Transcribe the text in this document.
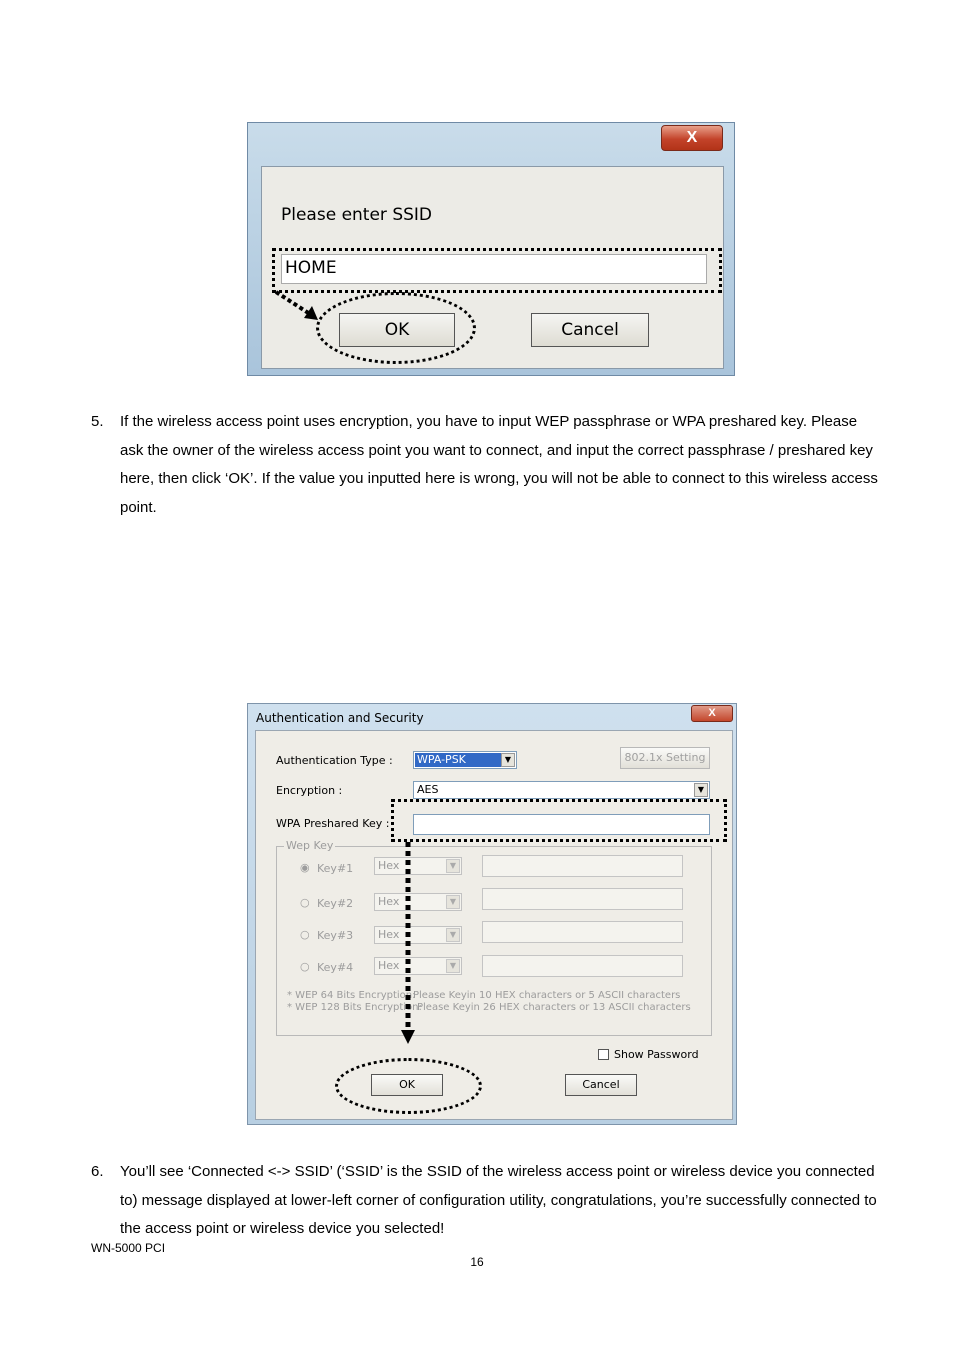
X
Please enter SSID
HOME
OK	Cancel
5. If the wireless access point uses encryption, you have to input WEP passphrase or WPA preshared key. Please ask the owner of the wireless access point you want to connect, and input the correct passphrase / preshared key here, then click ‘OK’. If the value you inputted here is wrong, you will not be able to connect to this wireless access point.
Authentication and Security	X
Authentication Type : WPA-PSK	▼	802.1x Setting
Encryption :	AES	▼
WPA Preshared Key :
Wep Key
◉ Key#1 Hex	▼
○ Key#2 Hex	▼
○ Key#3 Hex	▼
○ Key#4 Hex	▼
* WEP 64 Bits Encryption:
Please Keyin 10 HEX characters or 5 ASCII characters
* WEP 128 Bits Encryption:
Please Keyin 26 HEX characters or 13 ASCII characters
Show Password
OK	Cancel
6. You’ll see ‘Connected <-> SSID’ (‘SSID’ is the SSID of the wireless access point or wireless device you connected to) message displayed at lower-left corner of configuration utility, congratulations, you’re successfully connected to the access point or wireless device you selected!
WN-5000 PCI
16
